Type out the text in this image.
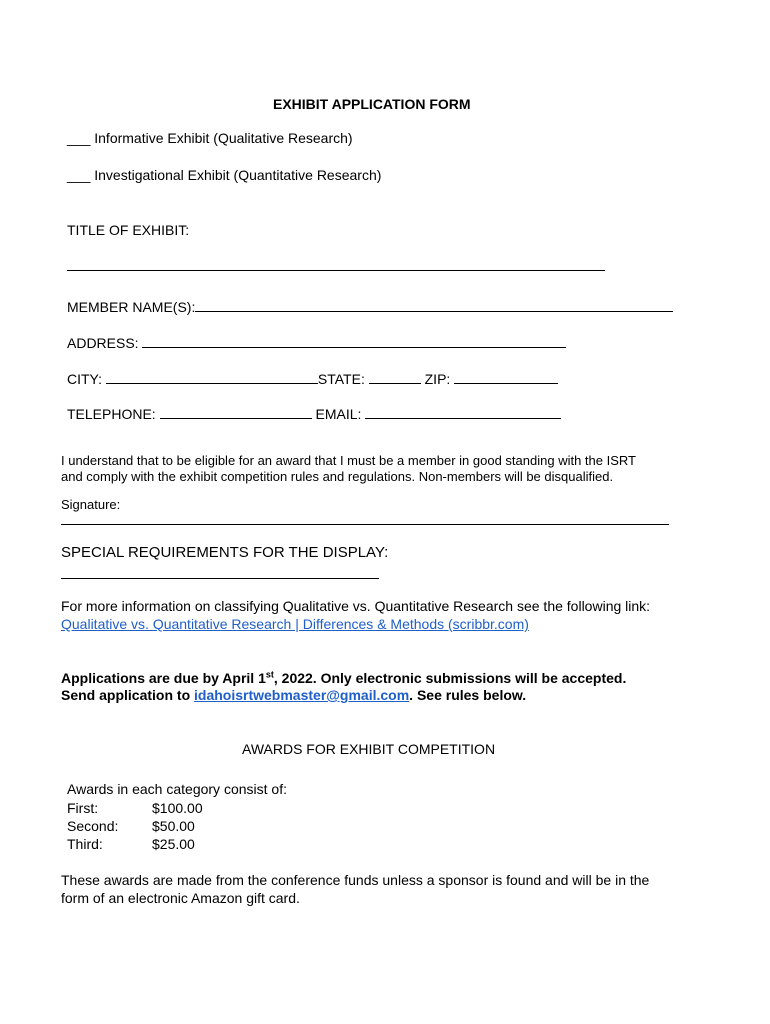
EXHIBIT APPLICATION FORM
___ Informative Exhibit (Qualitative Research)
___ Investigational Exhibit (Quantitative Research)
TITLE OF EXHIBIT:
MEMBER NAME(S):
ADDRESS:
CITY:	STATE:	ZIP:
TELEPHONE:	EMAIL:
I understand that to be eligible for an award that I must be a member in good standing with the ISRT
and comply with the exhibit competition rules and regulations. Non-members will be disqualified.
Signature:
SPECIAL REQUIREMENTS FOR THE DISPLAY:
For more information on classifying Qualitative vs. Quantitative Research see the following link:
Qualitative vs. Quantitative Research | Differences & Methods (scribbr.com)
Applications are due by April 1st, 2022. Only electronic submissions will be accepted.
Send application to idahoisrtwebmaster@gmail.com. See rules below.
AWARDS FOR EXHIBIT COMPETITION
Awards in each category consist of:
First:	$100.00
Second:	$50.00
Third:	$25.00
These awards are made from the conference funds unless a sponsor is found and will be in the
form of an electronic Amazon gift card.
